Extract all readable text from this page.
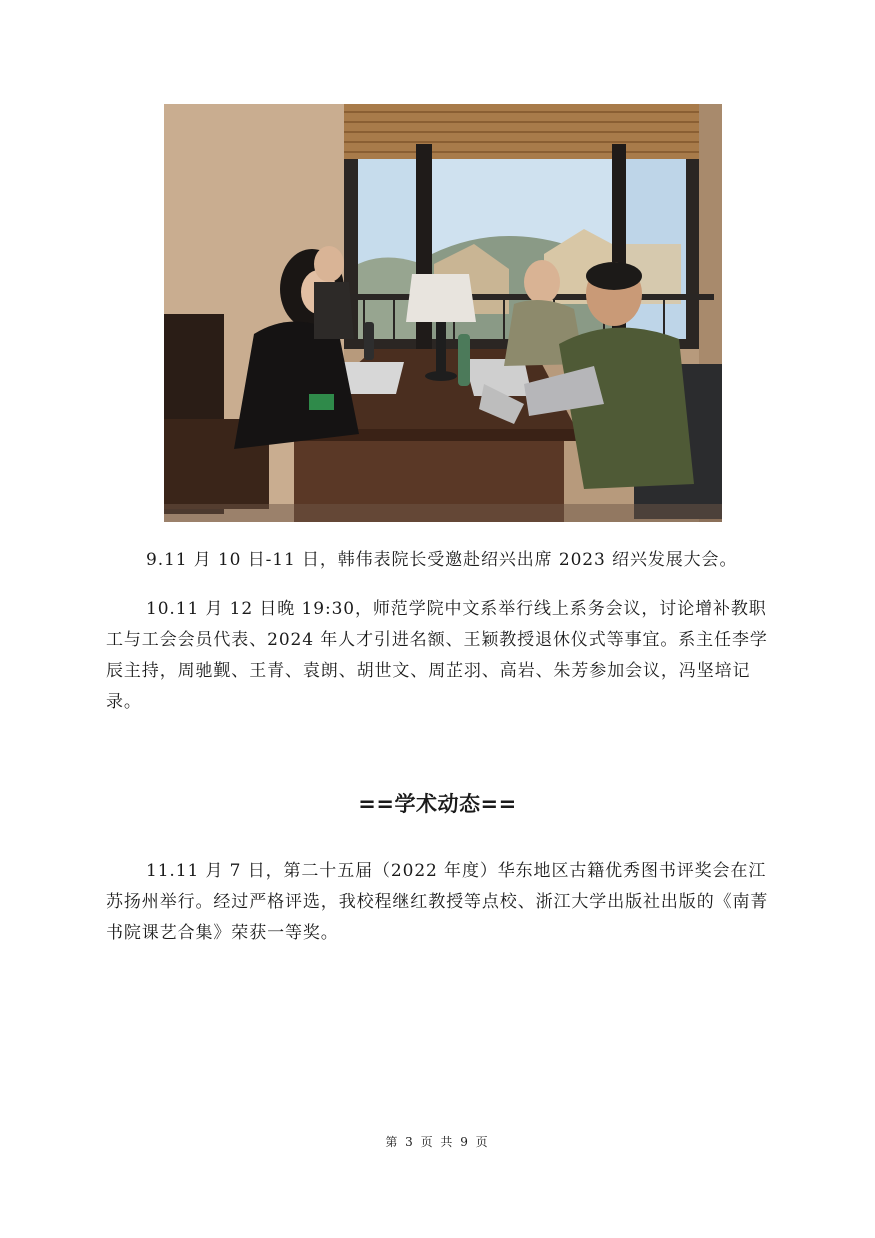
9.11 月 10 日-11 日，韩伟表院长受邀赴绍兴出席 2023 绍兴发展大会。

10.11 月 12 日晚 19:30，师范学院中文系举行线上系务会议，讨论增补教职工与工会会员代表、2024 年人才引进名额、王颖教授退休仪式等事宜。系主任李学辰主持，周驰觐、王青、袁朗、胡世文、周芷羽、高岩、朱芳参加会议，冯坚培记录。

==学术动态==

11.11 月 7 日，第二十五届（2022 年度）华东地区古籍优秀图书评奖会在江苏扬州举行。经过严格评选，我校程继红教授等点校、浙江大学出版社出版的《南菁书院课艺合集》荣获一等奖。

第 3 页 共 9 页
